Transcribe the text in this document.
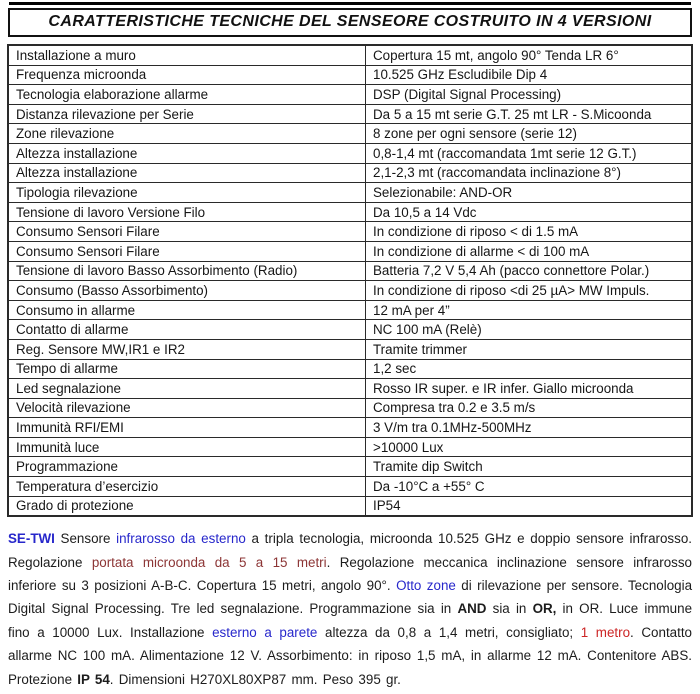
CARATTERISTICHE TECNICHE DEL SENSEORE COSTRUITO IN 4 VERSIONI
Installazione a muro	Copertura 15 mt, angolo 90° Tenda LR 6°
Frequenza microonda	10.525 GHz Escludibile Dip 4
Tecnologia elaborazione allarme	DSP (Digital Signal Processing)
Distanza rilevazione per Serie	Da 5 a 15 mt serie G.T. 25 mt LR - S.Micoonda
Zone rilevazione	8 zone per ogni sensore (serie 12)
Altezza installazione	0,8-1,4 mt (raccomandata 1mt serie 12 G.T.)
Altezza installazione	2,1-2,3 mt (raccomandata inclinazione 8°)
Tipologia rilevazione	Selezionabile: AND-OR
Tensione di lavoro Versione Filo	Da 10,5 a 14 Vdc
Consumo Sensori Filare	In condizione di riposo < di 1.5 mA
Consumo Sensori Filare	In condizione di allarme < di 100 mA
Tensione di lavoro Basso Assorbimento (Radio)	Batteria 7,2 V 5,4 Ah (pacco connettore Polar.)
Consumo (Basso Assorbimento)	In condizione di riposo <di 25 µA> MW Impuls.
Consumo in allarme	12 mA per 4”
Contatto di allarme	NC 100 mA (Relè)
Reg. Sensore MW,IR1 e IR2	Tramite trimmer
Tempo di allarme	1,2 sec
Led segnalazione	Rosso IR super. e IR infer. Giallo microonda
Velocità rilevazione	Compresa tra 0.2 e 3.5 m/s
Immunità RFI/EMI	3 V/m tra 0.1MHz-500MHz
Immunità luce	>10000 Lux
Programmazione	Tramite dip Switch
Temperatura d’esercizio	Da -10°C a +55° C
Grado di protezione	IP54

SE-TWI Sensore infrarosso da esterno a tripla tecnologia, microonda 10.525 GHz e doppio sensore infrarosso. Regolazione portata microonda da 5 a 15 metri. Regolazione meccanica inclinazione sensore infrarosso inferiore su 3 posizioni A-B-C. Copertura 15 metri, angolo 90°. Otto zone di rilevazione per sensore. Tecnologia Digital Signal Processing. Tre led segnalazione. Programmazione sia in AND sia in OR, in OR. Luce immune fino a 10000 Lux. Installazione esterno a parete altezza da 0,8 a 1,4 metri, consigliato; 1 metro. Contatto allarme NC 100 mA. Alimentazione 12 V. Assorbimento: in riposo 1,5 mA, in allarme 12 mA. Contenitore ABS. Protezione IP 54. Dimensioni H270XL80XP87 mm. Peso 395 gr.
